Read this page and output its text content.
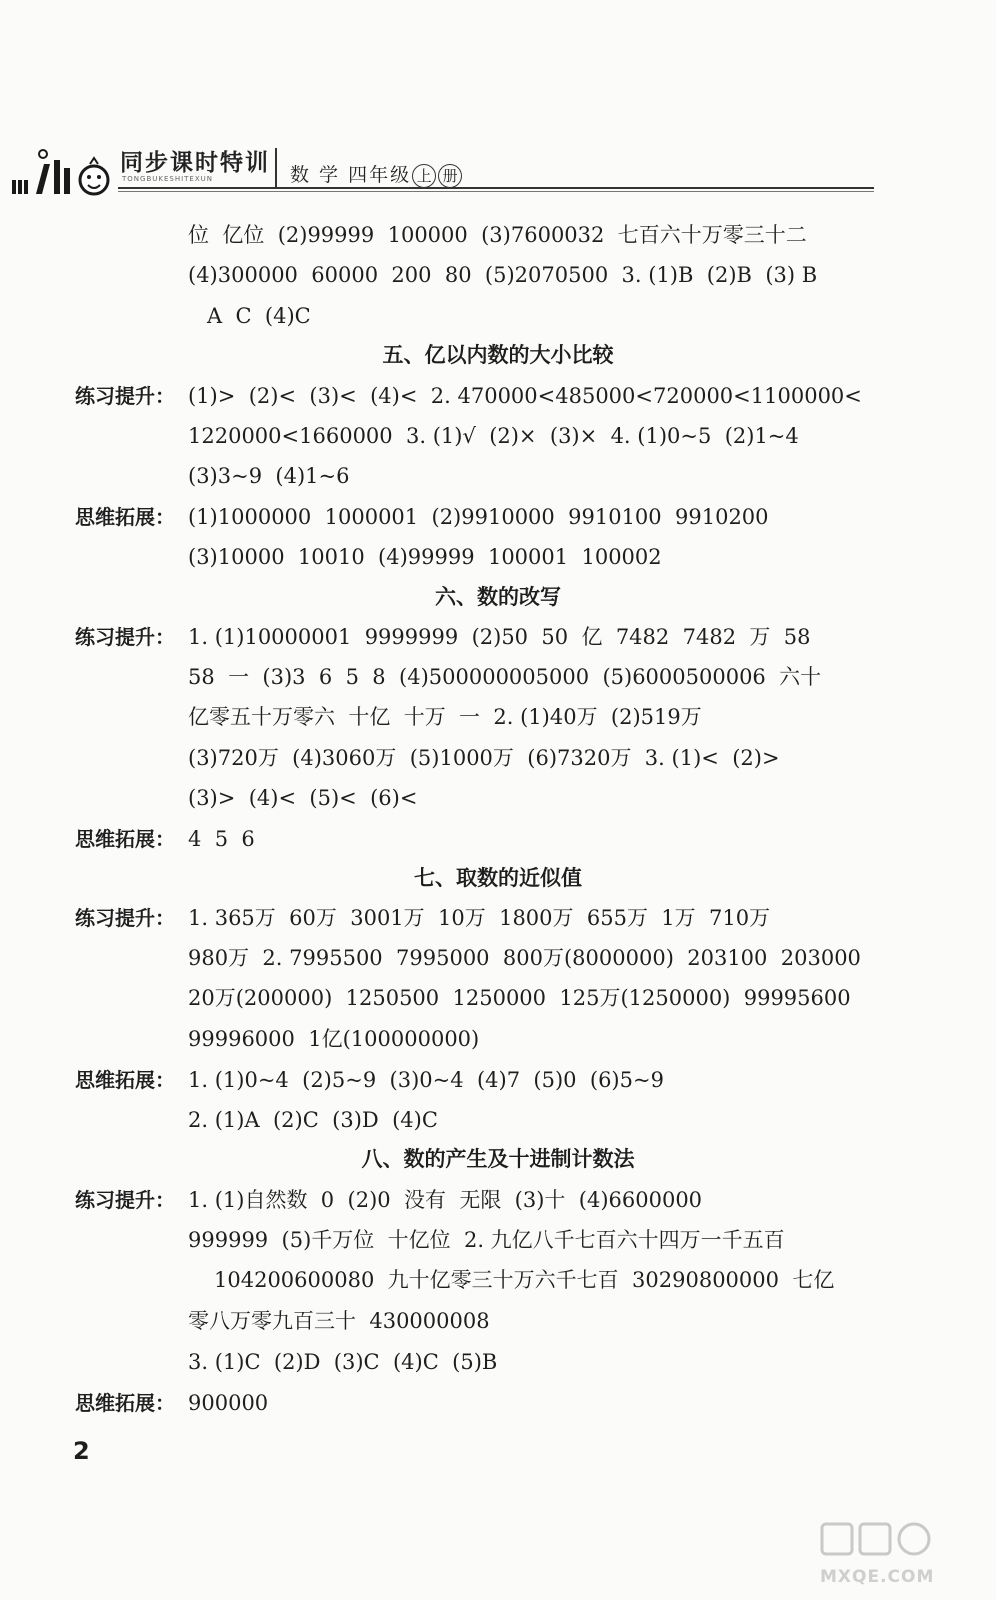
同步课时特训
TONGBUKESHITEXUN	数 学 四年级 上 册
位  亿位  (2)99999  100000  (3)7600032  七百六十万零三十二
(4)300000  60000  200  80  (5)2070500  3. (1)B  (2)B  (3) B
A  C  (4)C
五、亿以内数的大小比较
练习提升： (1)>  (2)<  (3)<  (4)<  2. 470000<485000<720000<1100000<
1220000<1660000  3. (1)√  (2)×  (3)×  4. (1)0~5  (2)1~4
(3)3~9  (4)1~6
思维拓展： (1)1000000  1000001  (2)9910000  9910100  9910200
(3)10000  10010  (4)99999  100001  100002
六、数的改写
练习提升： 1. (1)10000001  9999999  (2)50  50  亿  7482  7482  万  58
58  一  (3)3  6  5  8  (4)500000005000  (5)6000500006  六十
亿零五十万零六  十亿  十万  一  2. (1)40万  (2)519万
(3)720万  (4)3060万  (5)1000万  (6)7320万  3. (1)<  (2)>
(3)>  (4)<  (5)<  (6)<
思维拓展： 4  5  6
七、取数的近似值
练习提升： 1. 365万  60万  3001万  10万  1800万  655万  1万  710万
980万  2. 7995500  7995000  800万(8000000)  203100  203000
20万(200000)  1250500  1250000  125万(1250000)  99995600
99996000  1亿(100000000)
思维拓展： 1. (1)0~4  (2)5~9  (3)0~4  (4)7  (5)0  (6)5~9
2. (1)A  (2)C  (3)D  (4)C
八、数的产生及十进制计数法
练习提升： 1. (1)自然数  0  (2)0  没有  无限  (3)十  (4)6600000
999999  (5)千万位  十亿位  2. 九亿八千七百六十四万一千五百
104200600080  九十亿零三十万六千七百  30290800000  七亿
零八万零九百三十  430000008
3. (1)C  (2)D  (3)C  (4)C  (5)B
思维拓展： 900000
2
MXQE.COM
